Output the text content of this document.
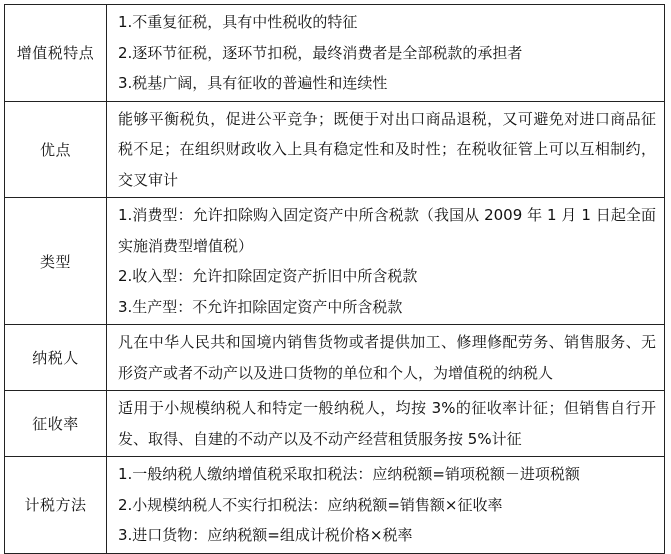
增值税特点	1.不重复征税，具有中性税收的特征
2.逐环节征税，逐环节扣税，最终消费者是全部税款的承担者
3.税基广阔，具有征收的普遍性和连续性

优点	能够平衡税负，促进公平竞争；既便于对出口商品退税，又可避免对进口商品征税不足；在组织财政收入上具有稳定性和及时性；在税收征管上可以互相制约，交叉审计

类型	1.消费型：允许扣除购入固定资产中所含税款（我国从 2009 年 1 月 1 日起全面实施消费型增值税）
2.收入型：允许扣除固定资产折旧中所含税款
3.生产型：不允许扣除固定资产中所含税款

纳税人	凡在中华人民共和国境内销售货物或者提供加工、修理修配劳务、销售服务、无形资产或者不动产以及进口货物的单位和个人，为增值税的纳税人

征收率	适用于小规模纳税人和特定一般纳税人，均按 3%的征收率计征；但销售自行开发、取得、自建的不动产以及不动产经营租赁服务按 5%计征

计税方法	1.一般纳税人缴纳增值税采取扣税法：应纳税额=销项税额－进项税额
2.小规模纳税人不实行扣税法：应纳税额=销售额×征收率
3.进口货物：应纳税额=组成计税价格×税率
